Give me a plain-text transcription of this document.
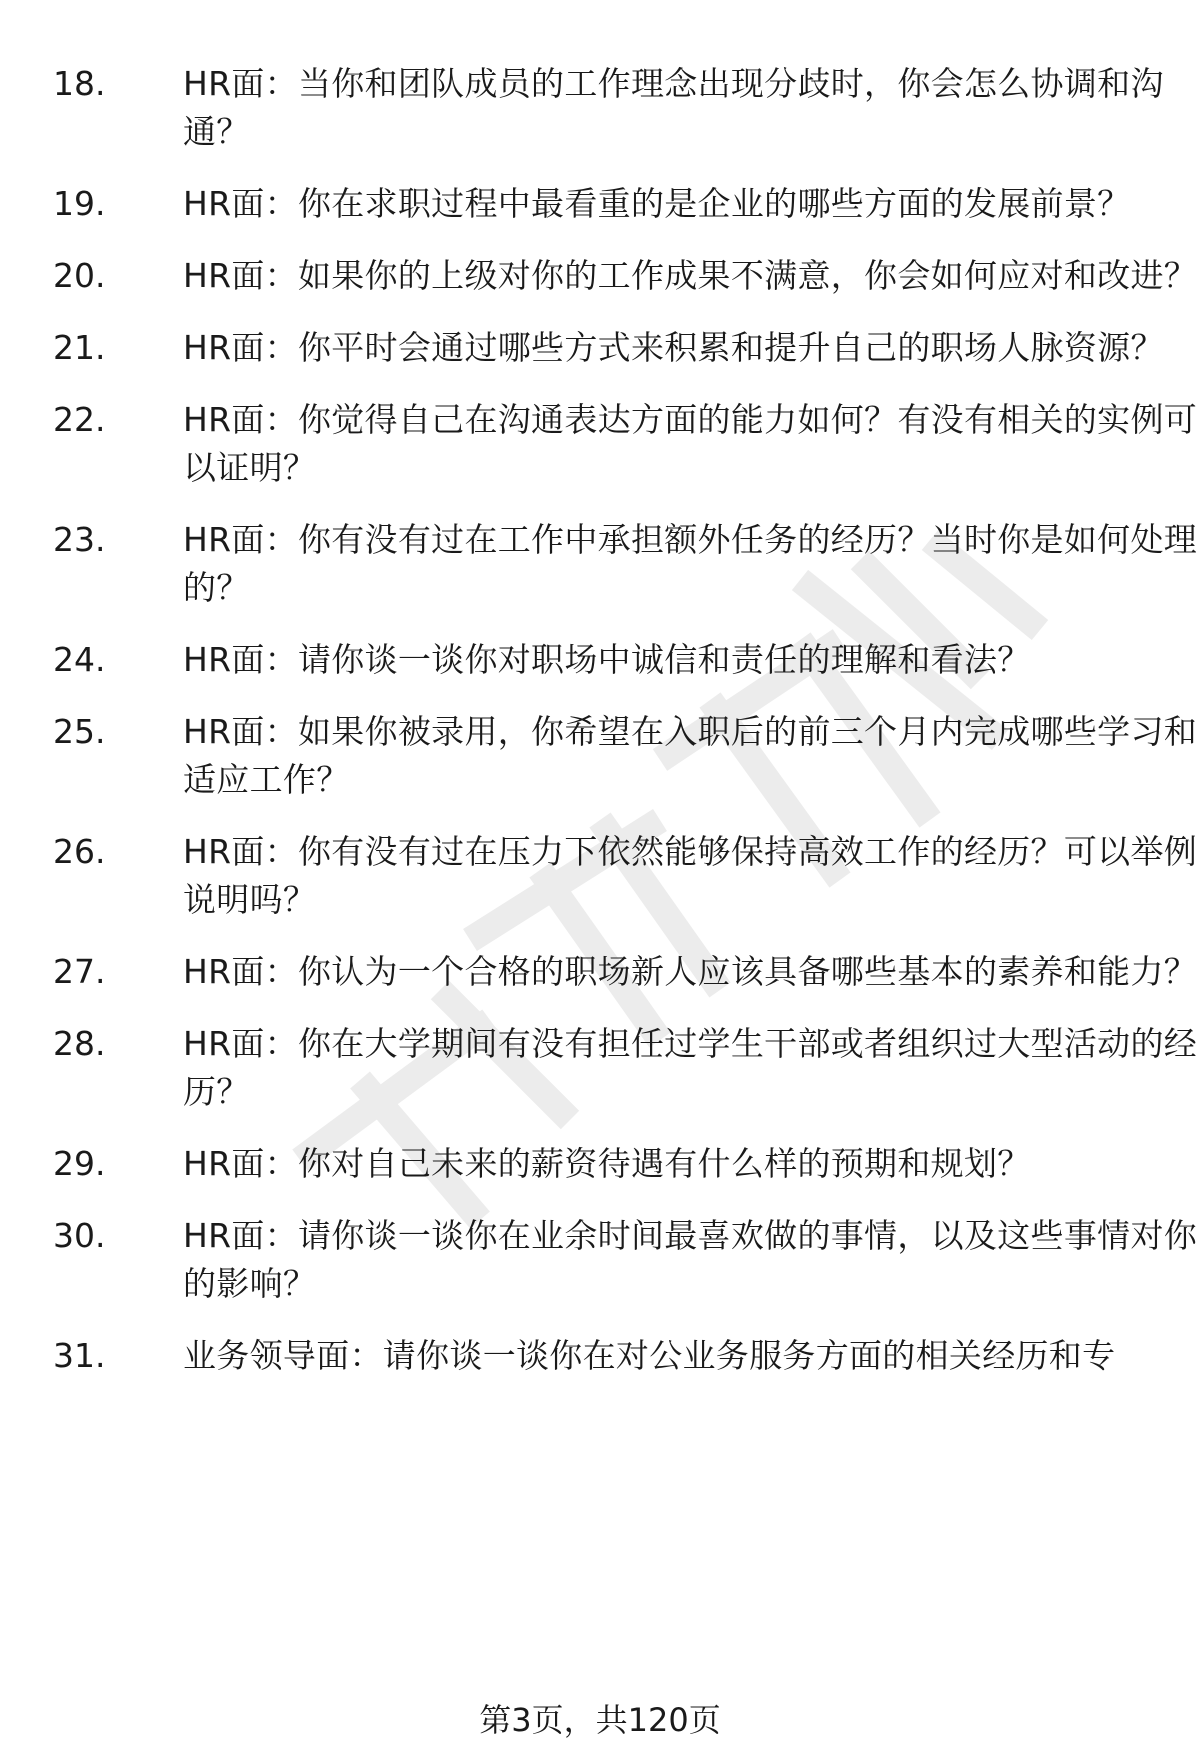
18.	HR面：当你和团队成员的工作理念出现分歧时，你会怎么协调和沟通？
19.	HR面：你在求职过程中最看重的是企业的哪些方面的发展前景？
20.	HR面：如果你的上级对你的工作成果不满意，你会如何应对和改进？
21.	HR面：你平时会通过哪些方式来积累和提升自己的职场人脉资源？
22.	HR面：你觉得自己在沟通表达方面的能力如何？有没有相关的实例可以证明？
23.	HR面：你有没有过在工作中承担额外任务的经历？当时你是如何处理的？
24.	HR面：请你谈一谈你对职场中诚信和责任的理解和看法？
25.	HR面：如果你被录用，你希望在入职后的前三个月内完成哪些学习和适应工作？
26.	HR面：你有没有过在压力下依然能够保持高效工作的经历？可以举例说明吗？
27.	HR面：你认为一个合格的职场新人应该具备哪些基本的素养和能力？
28.	HR面：你在大学期间有没有担任过学生干部或者组织过大型活动的经历？
29.	HR面：你对自己未来的薪资待遇有什么样的预期和规划？
30.	HR面：请你谈一谈你在业余时间最喜欢做的事情，以及这些事情对你的影响？
31.	业务领导面：请你谈一谈你在对公业务服务方面的相关经历和专
第3页，共120页
